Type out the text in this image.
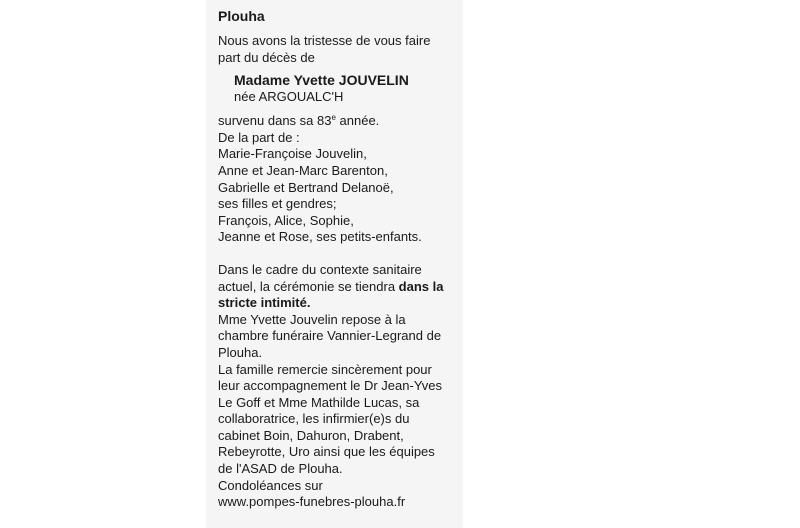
Plouha
Nous avons la tristesse de vous faire
part du décès de
Madame Yvette JOUVELIN
née ARGOUALC'H
survenu dans sa 83e année.
De la part de :
Marie-Françoise Jouvelin,
Anne et Jean-Marc Barenton,
Gabrielle et Bertrand Delanoë,
ses filles et gendres;
François, Alice, Sophie,
Jeanne et Rose, ses petits-enfants.
Dans le cadre du contexte sanitaire
actuel, la cérémonie se tiendra dans la
stricte intimité.
Mme Yvette Jouvelin repose à la
chambre funéraire Vannier-Legrand de
Plouha.
La famille remercie sincèrement pour
leur accompagnement le Dr Jean-Yves
Le Goff et Mme Mathilde Lucas, sa
collaboratrice, les infirmier(e)s du
cabinet Boin, Dahuron, Drabent,
Rebeyrotte, Uro ainsi que les équipes
de l'ASAD de Plouha.
Condoléances sur
www.pompes-funebres-plouha.fr
